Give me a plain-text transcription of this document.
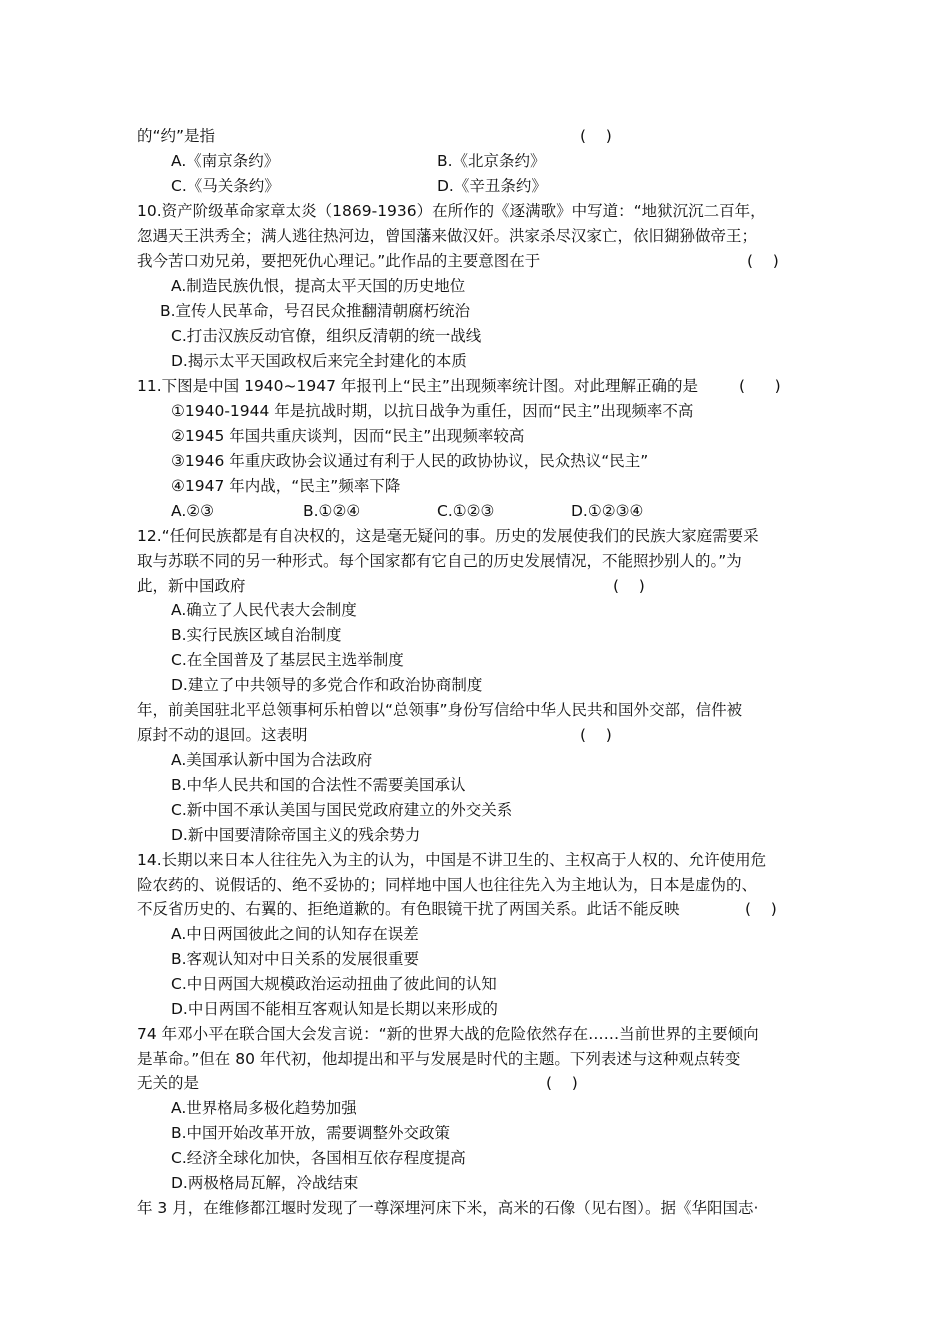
的“约”是指	(    )
A.《南京条约》	B.《北京条约》
C.《马关条约》	D.《辛丑条约》
10.资产阶级革命家章太炎（1869-1936）在所作的《逐满歌》中写道：“地狱沉沉二百年，
忽遇天王洪秀全；满人逃往热河边，曾国藩来做汉奸。洪家杀尽汉家亡，依旧猢狲做帝王；
我今苦口劝兄弟，要把死仇心理记。”此作品的主要意图在于	(    )
A.制造民族仇恨，提高太平天国的历史地位
B.宣传人民革命，号召民众推翻清朝腐朽统治
C.打击汉族反动官僚，组织反清朝的统一战线
D.揭示太平天国政权后来完全封建化的本质
11.下图是中国 1940~1947 年报刊上“民主”出现频率统计图。对此理解正确的是	(      )
①1940-1944 年是抗战时期，以抗日战争为重任，因而“民主”出现频率不高
②1945 年国共重庆谈判，因而“民主”出现频率较高
③1946 年重庆政协会议通过有利于人民的政协协议，民众热议“民主”
④1947 年内战，“民主”频率下降
A.②③	B.①②④	C.①②③	D.①②③④
12.“任何民族都是有自决权的，这是毫无疑问的事。历史的发展使我们的民族大家庭需要采
取与苏联不同的另一种形式。每个国家都有它自己的历史发展情况，不能照抄别人的。”为
此，新中国政府	(    )
A.确立了人民代表大会制度
B.实行民族区域自治制度
C.在全国普及了基层民主选举制度
D.建立了中共领导的多党合作和政治协商制度
年，前美国驻北平总领事柯乐柏曾以“总领事”身份写信给中华人民共和国外交部，信件被
原封不动的退回。这表明	(    )
A.美国承认新中国为合法政府
B.中华人民共和国的合法性不需要美国承认
C.新中国不承认美国与国民党政府建立的外交关系
D.新中国要清除帝国主义的残余势力
14.长期以来日本人往往先入为主的认为，中国是不讲卫生的、主权高于人权的、允许使用危
险农药的、说假话的、绝不妥协的；同样地中国人也往往先入为主地认为，日本是虚伪的、
不反省历史的、右翼的、拒绝道歉的。有色眼镜干扰了两国关系。此话不能反映	(    )
A.中日两国彼此之间的认知存在误差
B.客观认知对中日关系的发展很重要
C.中日两国大规模政治运动扭曲了彼此间的认知
D.中日两国不能相互客观认知是长期以来形成的
74 年邓小平在联合国大会发言说：“新的世界大战的危险依然存在……当前世界的主要倾向
是革命。”但在 80 年代初，他却提出和平与发展是时代的主题。下列表述与这种观点转变
无关的是	(    )
A.世界格局多极化趋势加强
B.中国开始改革开放，需要调整外交政策
C.经济全球化加快，各国相互依存程度提高
D.两极格局瓦解，冷战结束
年 3 月，在维修都江堰时发现了一尊深埋河床下米，高米的石像（见右图）。据《华阳国志·
